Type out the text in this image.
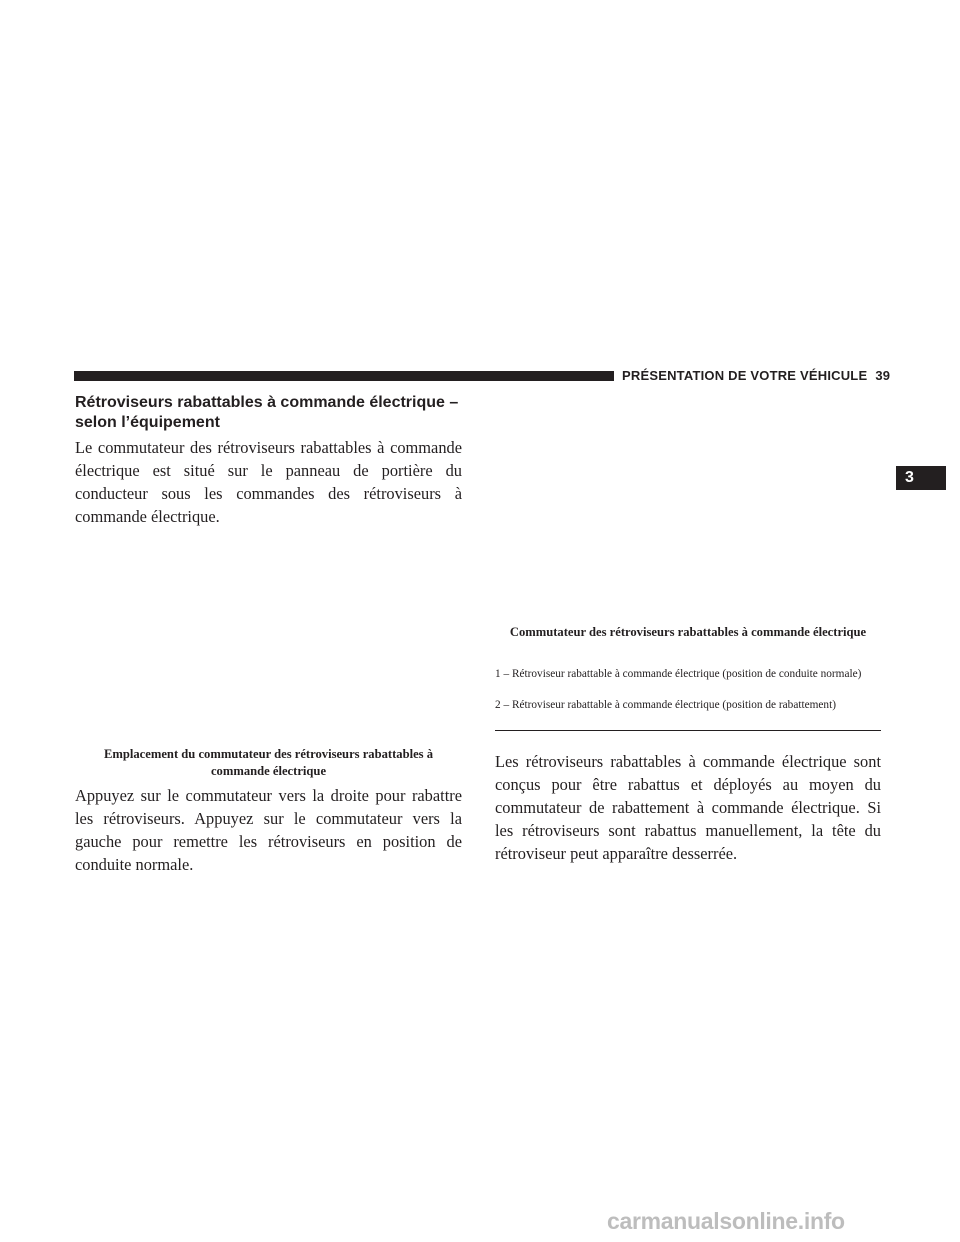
PRÉSENTATION DE VOTRE VÉHICULE 39
3
Rétroviseurs rabattables à commande électrique – selon l’équipement

Le commutateur des rétroviseurs rabattables à commande électrique est situé sur le panneau de portière du conducteur sous les commandes des rétroviseurs à commande électrique.

Emplacement du commutateur des rétroviseurs rabattables à commande électrique

Appuyez sur le commutateur vers la droite pour rabattre les rétroviseurs. Appuyez sur le commutateur vers la gauche pour remettre les rétroviseurs en position de conduite normale.

Commutateur des rétroviseurs rabattables à commande électrique

1 – Rétroviseur rabattable à commande électrique (position de conduite normale)

2 – Rétroviseur rabattable à commande électrique (position de rabattement)

Les rétroviseurs rabattables à commande électrique sont conçus pour être rabattus et déployés au moyen du commutateur de rabattement à commande électrique. Si les rétroviseurs sont rabattus manuellement, la tête du rétroviseur peut apparaître desserrée.

carmanualsonline.info
